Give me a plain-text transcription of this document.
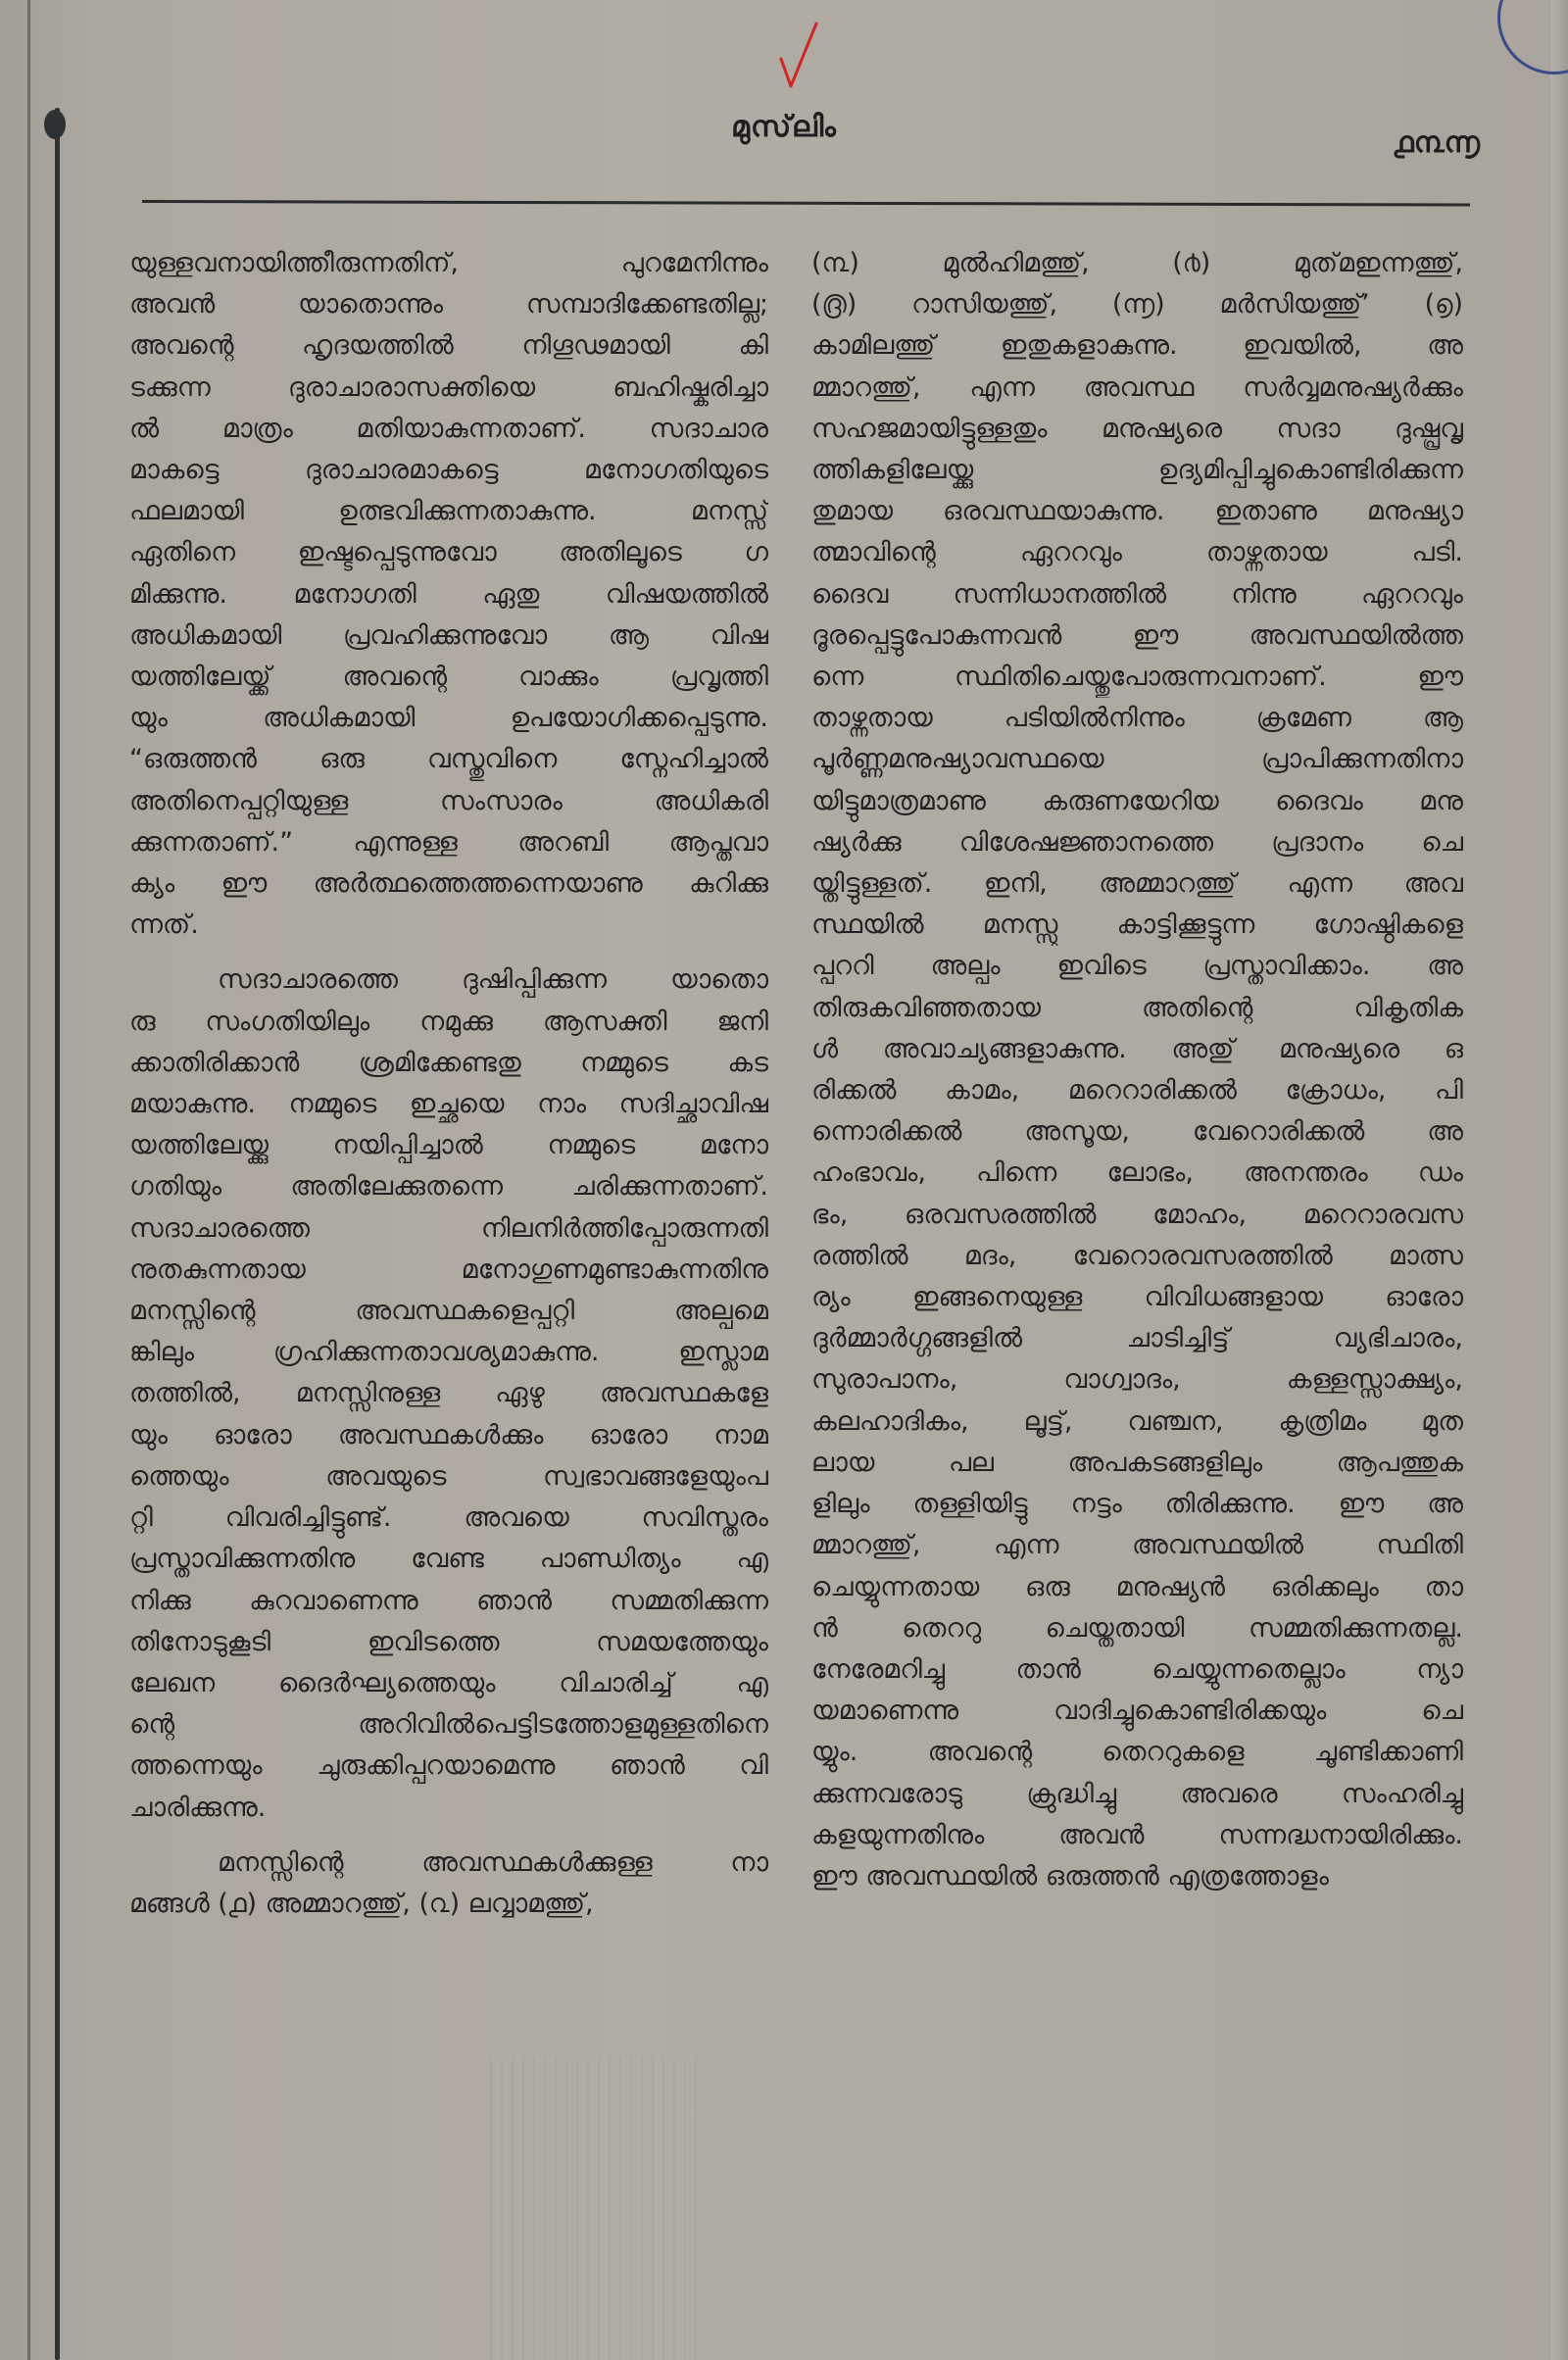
മുസ്‌ലിം	൧൩൬
യുള്ളവനായിത്തീരുന്നതിന്, പുറമേനിന്നും
അവൻ യാതൊന്നും സമ്പാദിക്കേണ്ടതില്ല;
അവന്റെ ഹൃദയത്തിൽ നിഗൂഢമായി കി
ടക്കുന്ന ദുരാചാരാസക്തിയെ ബഹിഷ്കരിച്ചാ
ൽ മാത്രം മതിയാകുന്നതാണ്. സദാചാര
മാകട്ടെ ദുരാചാരമാകട്ടെ മനോഗതിയുടെ
ഫലമായി ഉത്ഭവിക്കുന്നതാകുന്നു. മനസ്സ്
ഏതിനെ ഇഷ്ടപ്പെടുന്നുവോ അതിലൂടെ ഗ
മിക്കുന്നു. മനോഗതി ഏതു വിഷയത്തിൽ
അധികമായി പ്രവഹിക്കുന്നുവോ ആ വിഷ
യത്തിലേയ്ക്ക് അവന്റെ വാക്കും പ്രവൃത്തി
യും അധികമായി ഉപയോഗിക്കപ്പെടുന്നു.
“ഒരുത്തൻ ഒരു വസ്തുവിനെ സ്നേഹിച്ചാൽ
അതിനെപ്പറ്റിയുള്ള സംസാരം അധികരി
ക്കുന്നതാണ്.” എന്നുള്ള അറബി ആപ്തവാ
ക്യം ഈ അർത്ഥത്തെത്തന്നെയാണു കുറിക്കു
ന്നത്.
സദാചാരത്തെ ദുഷിപ്പിക്കുന്ന യാതൊ
രു സംഗതിയിലും നമുക്കു ആസക്തി ജനി
ക്കാതിരിക്കാൻ ശ്രമിക്കേണ്ടതു നമ്മുടെ കട
മയാകുന്നു. നമ്മുടെ ഇച്ഛയെ നാം സദിച്ഛാവിഷ
യത്തിലേയ്ക്കു നയിപ്പിച്ചാൽ നമ്മുടെ മനോ
ഗതിയും അതിലേക്കുതന്നെ ചരിക്കുന്നതാണ്.
സദാചാരത്തെ നിലനിർത്തിപ്പോരുന്നതി
നുതകുന്നതായ മനോഗുണമുണ്ടാകുന്നതിനു
മനസ്സിന്റെ അവസ്ഥകളെപ്പറ്റി അല്പമെ
ങ്കിലും ഗ്രഹിക്കുന്നതാവശ്യമാകുന്നു. ഇസ്ലാമ
തത്തിൽ, മനസ്സിനുള്ള ഏഴു അവസ്ഥകളേ
യും ഓരോ അവസ്ഥകൾക്കും ഓരോ നാമ
ത്തെയും അവയുടെ സ്വഭാവങ്ങളേയുംപ
റ്റി വിവരിച്ചിട്ടുണ്ട്. അവയെ സവിസ്തരം
പ്രസ്താവിക്കുന്നതിനു വേണ്ട പാണ്ഡിത്യം എ
നിക്കു കുറവാണെന്നു ഞാൻ സമ്മതിക്കുന്ന
തിനോടുകൂടി ഇവിടത്തെ സമയത്തേയും
ലേഖന ദൈർഘ്യത്തെയും വിചാരിച്ച് എ
ന്റെ അറിവിൽപെട്ടിടത്തോളമുള്ളതിനെ
ത്തന്നെയും ചുരുക്കിപ്പറയാമെന്നു ഞാൻ വി
ചാരിക്കുന്നു.
മനസ്സിന്റെ അവസ്ഥകൾക്കുള്ള നാ
മങ്ങൾ (൧) അമ്മാറത്തു്, (൨) ലവ്വാമത്തു്,
(൩) മുൽഹിമത്തു്, (൪) മുത്‌മഇന്നത്തു്,
(൫) റാസിയത്തു്, (൬) മർസിയത്തു്’ (൭)
കാമിലത്തു് ഇതുകളാകുന്നു. ഇവയിൽ, അ
മ്മാറത്തു്, എന്ന അവസ്ഥ സർവ്വമനുഷ്യർക്കും
സഹജമായിട്ടുള്ളതും മനുഷ്യരെ സദാ ദുഷ്പ്രവൃ
ത്തികളിലേയ്ക്കു ഉദ്യമിപ്പിച്ചുകൊണ്ടിരിക്കുന്ന
തുമായ ഒരവസ്ഥയാകുന്നു. ഇതാണു മനുഷ്യാ
ത്മാവിന്റെ ഏററവും താഴ്ന്നതായ പടി.
ദൈവ സന്നിധാനത്തിൽ നിന്നു ഏററവും
ദൂരപ്പെട്ടുപോകുന്നവൻ ഈ അവസ്ഥയിൽത്ത
ന്നെ സ്ഥിതിചെയ്തുപോരുന്നവനാണ്. ഈ
താഴ്ന്നതായ പടിയിൽനിന്നും ക്രമേണ ആ
പൂർണ്ണമനുഷ്യാവസ്ഥയെ പ്രാപിക്കുന്നതിനാ
യിട്ടുമാത്രമാണു കരുണയേറിയ ദൈവം മനു
ഷ്യർക്കു വിശേഷജ്ഞാനത്തെ പ്രദാനം ചെ
യ്തിട്ടുള്ളത്. ഇനി, അമ്മാറത്തു് എന്ന അവ
സ്ഥയിൽ മനസ്സു കാട്ടിക്കൂട്ടുന്ന ഗോഷ്ഠികളെ
പ്പററി അല്പം ഇവിടെ പ്രസ്താവിക്കാം. അ
തിരുകവിഞ്ഞതായ അതിന്റെ വികൃതിക
ൾ അവാച്യങ്ങളാകുന്നു. അതു് മനുഷ്യരെ ഒ
രിക്കൽ കാമം, മറെറാരിക്കൽ ക്രോധം, പി
ന്നൊരിക്കൽ അസൂയ, വേറൊരിക്കൽ അ
ഹംഭാവം, പിന്നെ ലോഭം, അനന്തരം ഡം
ഭം, ഒരവസരത്തിൽ മോഹം, മറെറാരവസ
രത്തിൽ മദം, വേറൊരവസരത്തിൽ മാത്സ
ര്യം ഇങ്ങനെയുള്ള വിവിധങ്ങളായ ഓരോ
ദുർമ്മാർഗ്ഗങ്ങളിൽ ചാടിച്ചിട്ട് വ്യഭിചാരം,
സുരാപാനം, വാഗ്വാദം, കള്ളസ്സാക്ഷ്യം,
കലഹാദികം, ലൂട്ട്, വഞ്ചന, കൃത്രിമം മുത
ലായ പല അപകടങ്ങളിലും ആപത്തുക
ളിലും തള്ളിയിട്ടു നട്ടം തിരിക്കുന്നു. ഈ അ
മ്മാറത്തു്, എന്ന അവസ്ഥയിൽ സ്ഥിതി
ചെയ്യുന്നതായ ഒരു മനുഷ്യൻ ഒരിക്കലും താ
ൻ തെററു ചെയ്തതായി സമ്മതിക്കുന്നതല്ല.
നേരേമറിച്ചു താൻ ചെയ്യുന്നതെല്ലാം ന്യാ
യമാണെന്നു വാദിച്ചുകൊണ്ടിരിക്കയും ചെ
യ്യും. അവന്റെ തെററുകളെ ചൂണ്ടിക്കാണി
ക്കുന്നവരോടു ക്രുദ്ധിച്ചു അവരെ സംഹരിച്ചു
കളയുന്നതിനും അവൻ സന്നദ്ധനായിരിക്കും.
ഈ അവസ്ഥയിൽ ഒരുത്തൻ എത്രത്തോളം
